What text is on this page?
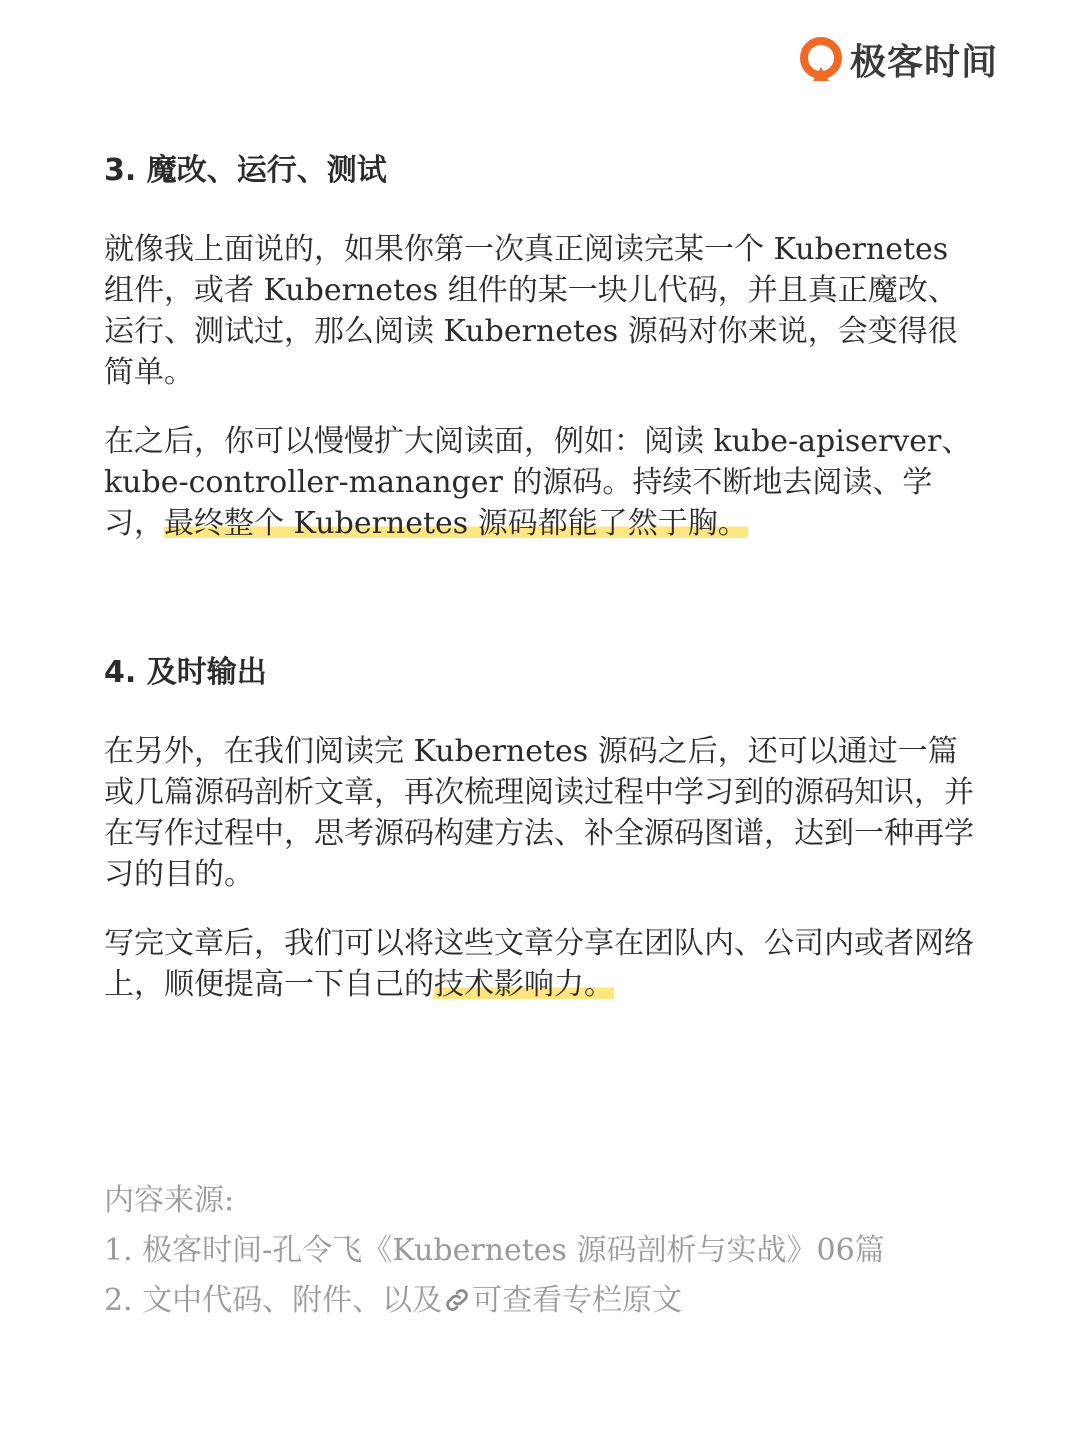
极客时间
3. 魔改、运行、测试

就像我上面说的，如果你第一次真正阅读完某一个 Kubernetes 组件，或者 Kubernetes 组件的某一块儿代码，并且真正魔改、运行、测试过，那么阅读 Kubernetes 源码对你来说，会变得很简单。

在之后，你可以慢慢扩大阅读面，例如：阅读 kube-apiserver、kube-controller-mananger 的源码。持续不断地去阅读、学习，最终整个 Kubernetes 源码都能了然于胸。

4. 及时输出

在另外，在我们阅读完 Kubernetes 源码之后，还可以通过一篇或几篇源码剖析文章，再次梳理阅读过程中学习到的源码知识，并在写作过程中，思考源码构建方法、补全源码图谱，达到一种再学习的目的。

写完文章后，我们可以将这些文章分享在团队内、公司内或者网络上，顺便提高一下自己的技术影响力。

内容来源:
1. 极客时间-孔令飞《Kubernetes 源码剖析与实战》06篇
2. 文中代码、附件、以及 可查看专栏原文
